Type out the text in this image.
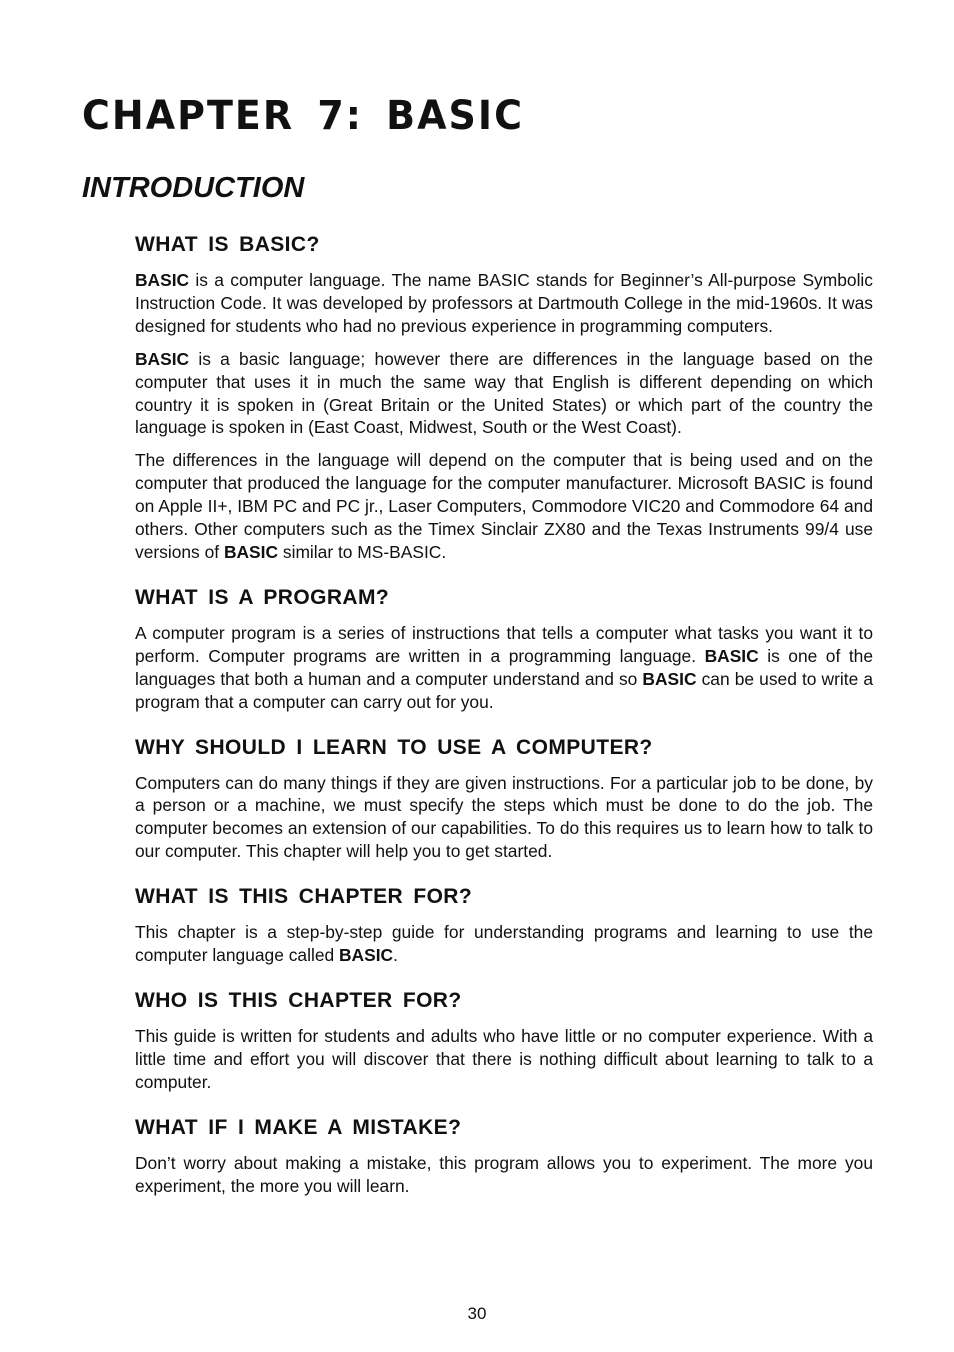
CHAPTER 7: BASIC
INTRODUCTION
WHAT IS BASIC?

BASIC is a computer language. The name BASIC stands for Beginner’s All-purpose Symbolic Instruction Code. It was developed by professors at Dartmouth College in the mid-1960s. It was designed for students who had no previous experience in programming computers.

BASIC is a basic language; however there are differences in the language based on the computer that uses it in much the same way that English is different depending on which country it is spoken in (Great Britain or the United States) or which part of the country the language is spoken in (East Coast, Midwest, South or the West Coast).

The differences in the language will depend on the computer that is being used and on the computer that produced the language for the computer manufacturer. Microsoft BASIC is found on Apple II+, IBM PC and PC jr., Laser Computers, Commodore VIC20 and Commodore 64 and others. Other computers such as the Timex Sinclair ZX80 and the Texas Instruments 99/4 use versions of BASIC similar to MS-BASIC.

WHAT IS A PROGRAM?

A computer program is a series of instructions that tells a computer what tasks you want it to perform. Computer programs are written in a programming language. BASIC is one of the languages that both a human and a computer understand and so BASIC can be used to write a program that a computer can carry out for you.

WHY SHOULD I LEARN TO USE A COMPUTER?

Computers can do many things if they are given instructions. For a particular job to be done, by a person or a machine, we must specify the steps which must be done to do the job. The computer becomes an extension of our capabilities. To do this requires us to learn how to talk to our computer. This chapter will help you to get started.

WHAT IS THIS CHAPTER FOR?

This chapter is a step-by-step guide for understanding programs and learning to use the computer language called BASIC.

WHO IS THIS CHAPTER FOR?

This guide is written for students and adults who have little or no computer experience. With a little time and effort you will discover that there is nothing difficult about learning to talk to a computer.

WHAT IF I MAKE A MISTAKE?

Don’t worry about making a mistake, this program allows you to experiment. The more you experiment, the more you will learn.

30
